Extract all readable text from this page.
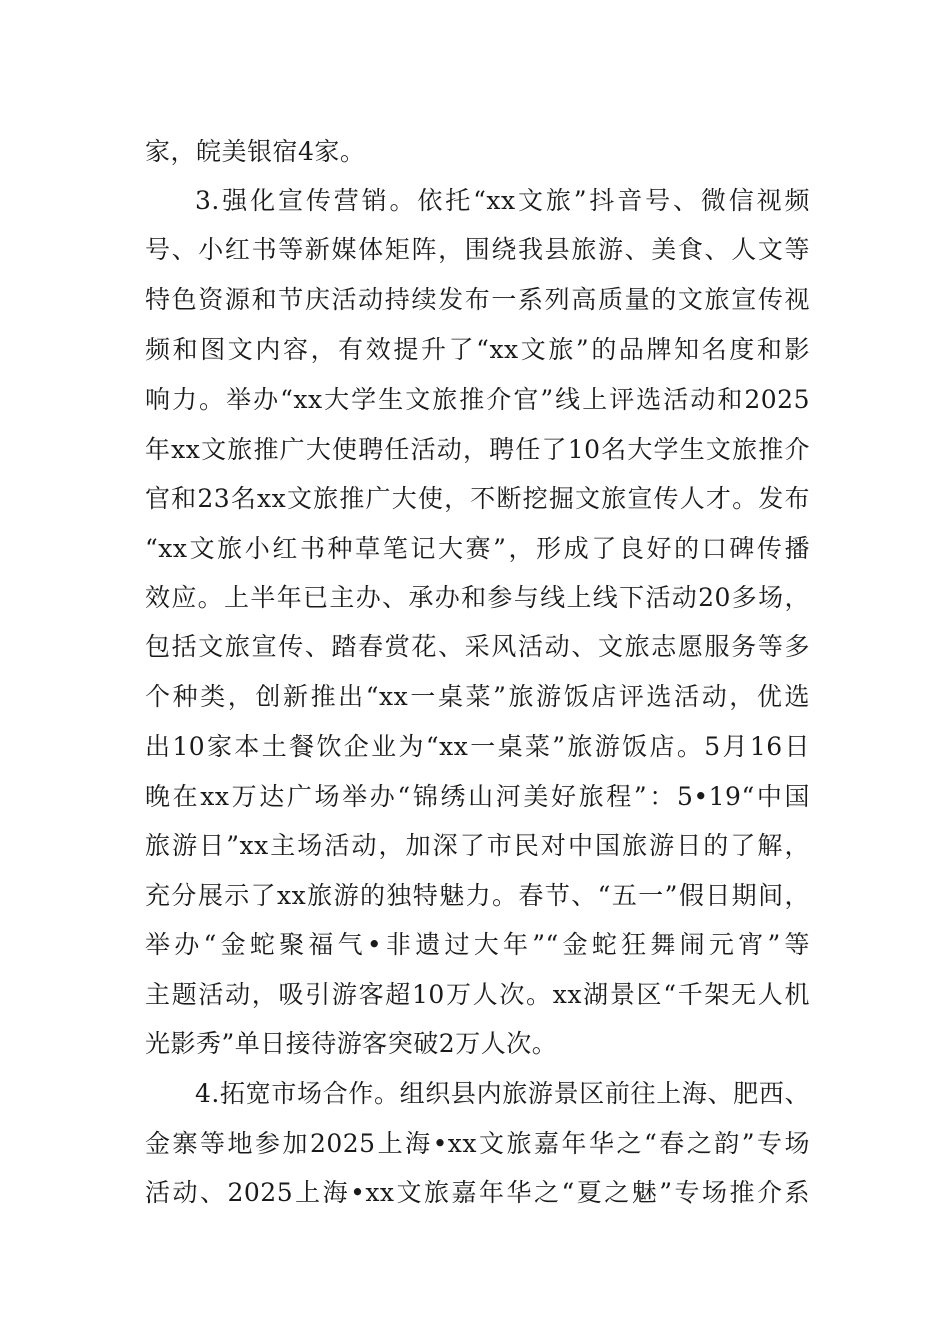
家，皖美银宿4家。
3.强化宣传营销。依托“xx文旅”抖音号、微信视频
号、小红书等新媒体矩阵，围绕我县旅游、美食、人文等
特色资源和节庆活动持续发布一系列高质量的文旅宣传视
频和图文内容，有效提升了“xx文旅”的品牌知名度和影
响力。举办“xx大学生文旅推介官”线上评选活动和2025
年xx文旅推广大使聘任活动，聘任了10名大学生文旅推介
官和23名xx文旅推广大使，不断挖掘文旅宣传人才。发布
“xx文旅小红书种草笔记大赛”，形成了良好的口碑传播
效应。上半年已主办、承办和参与线上线下活动20多场，
包括文旅宣传、踏春赏花、采风活动、文旅志愿服务等多
个种类，创新推出“xx一桌菜”旅游饭店评选活动，优选
出10家本土餐饮企业为“xx一桌菜”旅游饭店。5月16日
晚在xx万达广场举办“锦绣山河美好旅程”：5•19“中国
旅游日”xx主场活动，加深了市民对中国旅游日的了解，
充分展示了xx旅游的独特魅力。春节、“五一”假日期间，
举办“金蛇聚福气•非遗过大年”“金蛇狂舞闹元宵”等
主题活动，吸引游客超10万人次。xx湖景区“千架无人机
光影秀”单日接待游客突破2万人次。
4.拓宽市场合作。组织县内旅游景区前往上海、肥西、
金寨等地参加2025上海•xx文旅嘉年华之“春之韵”专场
活动、2025上海•xx文旅嘉年华之“夏之魅”专场推介系
